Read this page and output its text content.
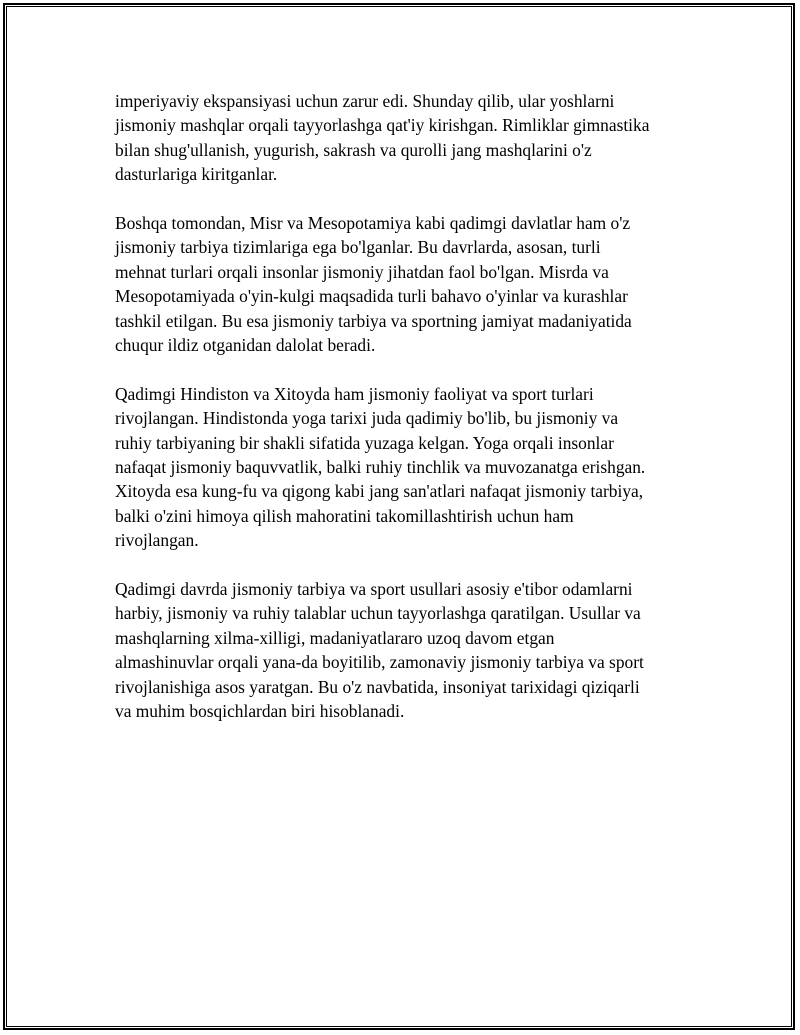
imperiyaviy ekspansiyasi uchun zarur edi. Shunday qilib, ular yoshlarni
jismoniy mashqlar orqali tayyorlashga qat'iy kirishgan. Rimliklar gimnastika
bilan shug'ullanish, yugurish, sakrash va qurolli jang mashqlarini o'z
dasturlariga kiritganlar.

Boshqa tomondan, Misr va Mesopotamiya kabi qadimgi davlatlar ham o'z
jismoniy tarbiya tizimlariga ega bo'lganlar. Bu davrlarda, asosan, turli
mehnat turlari orqali insonlar jismoniy jihatdan faol bo'lgan. Misrda va
Mesopotamiyada o'yin-kulgi maqsadida turli bahavo o'yinlar va kurashlar
tashkil etilgan. Bu esa jismoniy tarbiya va sportning jamiyat madaniyatida
chuqur ildiz otganidan dalolat beradi.

Qadimgi Hindiston va Xitoyda ham jismoniy faoliyat va sport turlari
rivojlangan. Hindistonda yoga tarixi juda qadimiy bo'lib, bu jismoniy va
ruhiy tarbiyaning bir shakli sifatida yuzaga kelgan. Yoga orqali insonlar
nafaqat jismoniy baquvvatlik, balki ruhiy tinchlik va muvozanatga erishgan.
Xitoyda esa kung-fu va qigong kabi jang san'atlari nafaqat jismoniy tarbiya,
balki o'zini himoya qilish mahoratini takomillashtirish uchun ham
rivojlangan.

Qadimgi davrda jismoniy tarbiya va sport usullari asosiy e'tibor odamlarni
harbiy, jismoniy va ruhiy talablar uchun tayyorlashga qaratilgan. Usullar va
mashqlarning xilma-xilligi, madaniyatlararo uzoq davom etgan
almashinuvlar orqali yana-da boyitilib, zamonaviy jismoniy tarbiya va sport
rivojlanishiga asos yaratgan. Bu o'z navbatida, insoniyat tarixidagi qiziqarli
va muhim bosqichlardan biri hisoblanadi.
